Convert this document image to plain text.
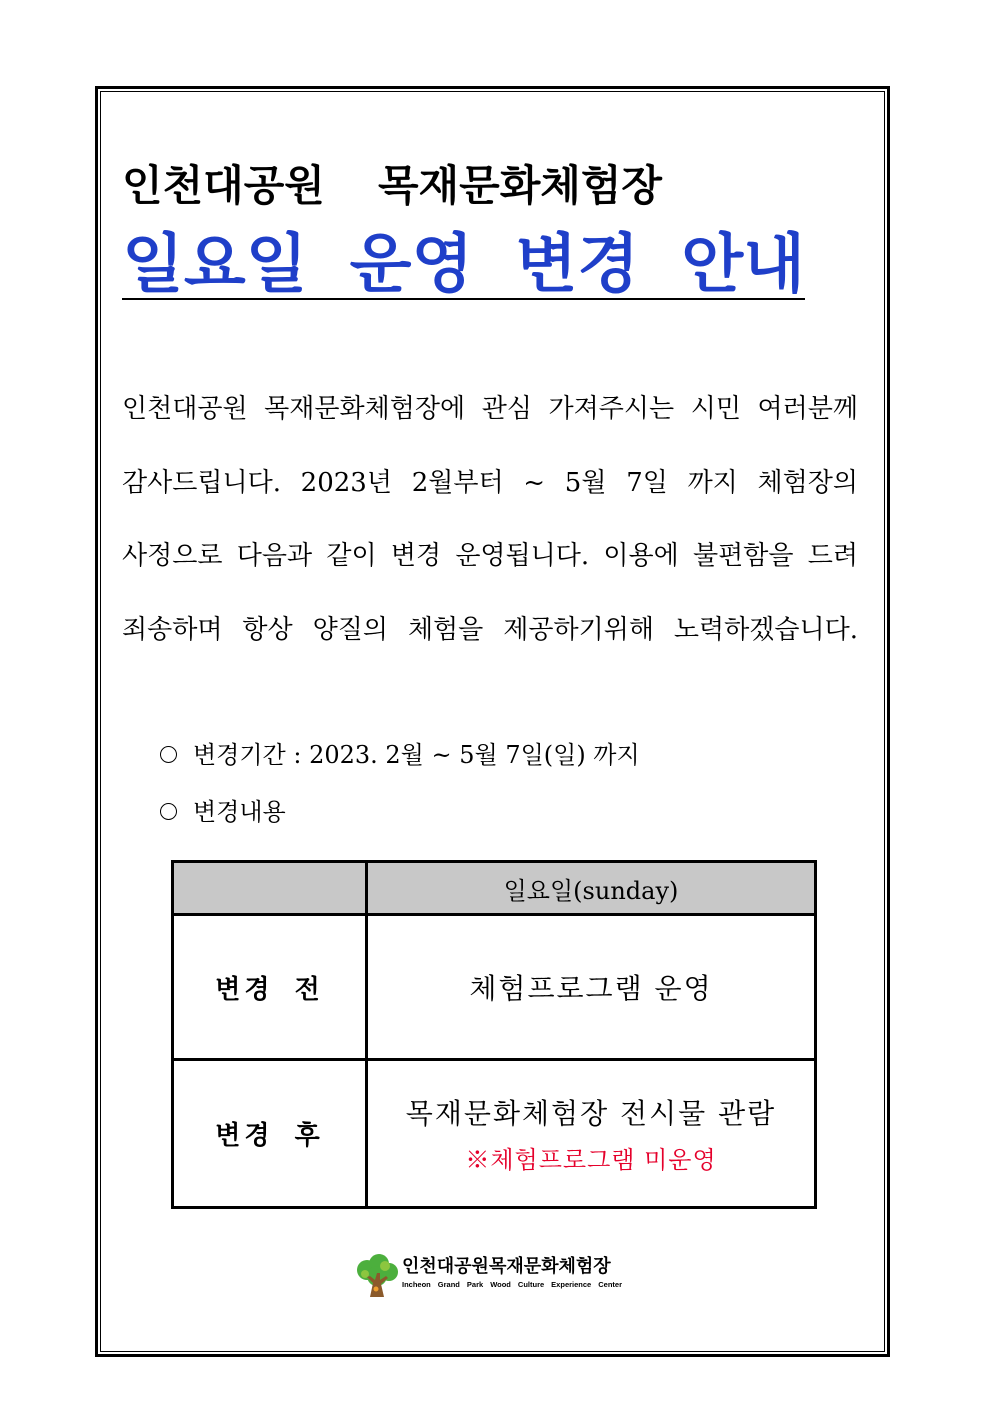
인천대공원 목재문화체험장
일요일 운영 변경 안내
인천대공원 목재문화체험장에 관심 가져주시는 시민 여러분께
감사드립니다. 2023년 2월부터 ~ 5월 7일 까지 체험장의
사정으로 다음과 같이 변경 운영됩니다. 이용에 불편함을 드려
죄송하며 항상 양질의 체험을 제공하기위해 노력하겠습니다.
변경기간 : 2023. 2월 ~ 5월 7일(일) 까지
변경내용
	일요일(sunday)
변경 전	체험프로그램 운영

변경 후	목재문화체험장 전시물 관람
※체험프로그램 미운영
인천대공원목재문화체험장
Incheon Grand Park Wood Culture Experience Center
